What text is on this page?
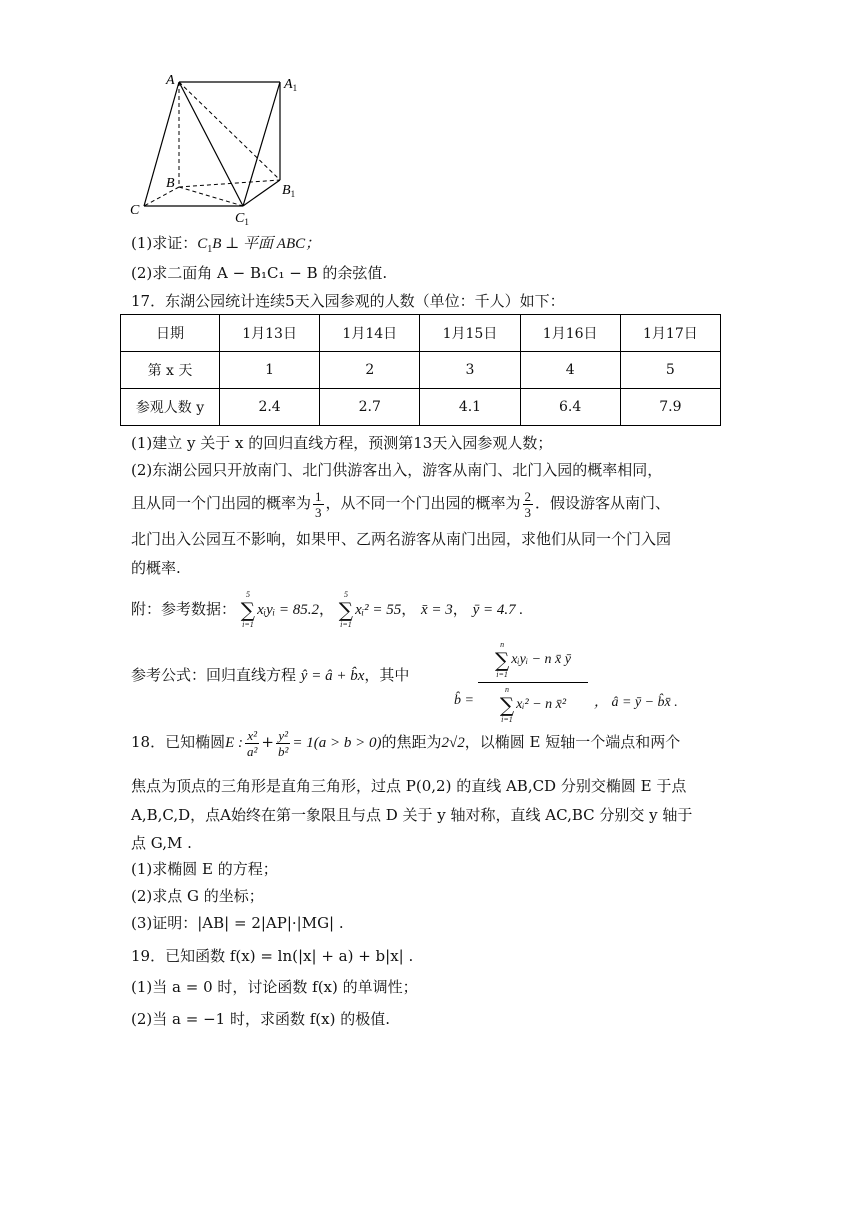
A	$A_1$
B	$B_1$
C
$C_1$
(1)求证：$C_1B$ ⊥ 平面 ABC；
(2)求二面角 A − B₁C₁ − B 的余弦值.
17．东湖公园统计连续5天入园参观的人数（单位：千人）如下：
日期	1月13日	1月14日	1月15日	1月16日	1月17日
第 x 天	1	2	3	4	5
参观人数 y	2.4	2.7	4.1	6.4	7.9
(1)建立 y 关于 x 的回归直线方程，预测第13天入园参观人数；
(2)东湖公园只开放南门、北门供游客出入，游客从南门、北门入园的概率相同，
且从同一个门出园的概率为 $\frac{1}{3}$ ，从不同一个门出园的概率为 $\frac{2}{3}$ ．假设游客从南门、
北门出入公园互不影响，如果甲、乙两名游客从南门出园，求他们从同一个门入园
的概率.
附：参考数据：
5
∑
i=1
xᵢyᵢ = 85.2，
5
∑
i=1
xᵢ² = 55， x̄ = 3， ȳ = 4.7 .
参考公式：回归直线方程 ŷ = â + b̂x，其中
b̂ =
n
∑
i=1
xᵢyᵢ − n x̄ ȳ
n
∑
i=1
xᵢ² − n x̄² ， â = ȳ − b̂x̄ .
18．已知椭圆E : $\frac{\text{x²}}{\text{a²}} + \frac{\text{y²}}{\text{b²}} = 1(a > b > 0)$的焦距为2√2，以椭圆 E 短轴一个端点和两个
焦点为顶点的三角形是直角三角形，过点 P(0,2) 的直线 AB,CD 分别交椭圆 E 于点
A,B,C,D，点A始终在第一象限且与点 D 关于 y 轴对称，直线 AC,BC 分别交 y 轴于
点 G,M .
(1)求椭圆 E 的方程；
(2)求点 G 的坐标；
(3)证明：|AB| = 2|AP|·|MG| .
19．已知函数 f(x) = ln(|x| + a) + b|x| .
(1)当 a = 0 时，讨论函数 f(x) 的单调性；
(2)当 a = −1 时，求函数 f(x) 的极值.
